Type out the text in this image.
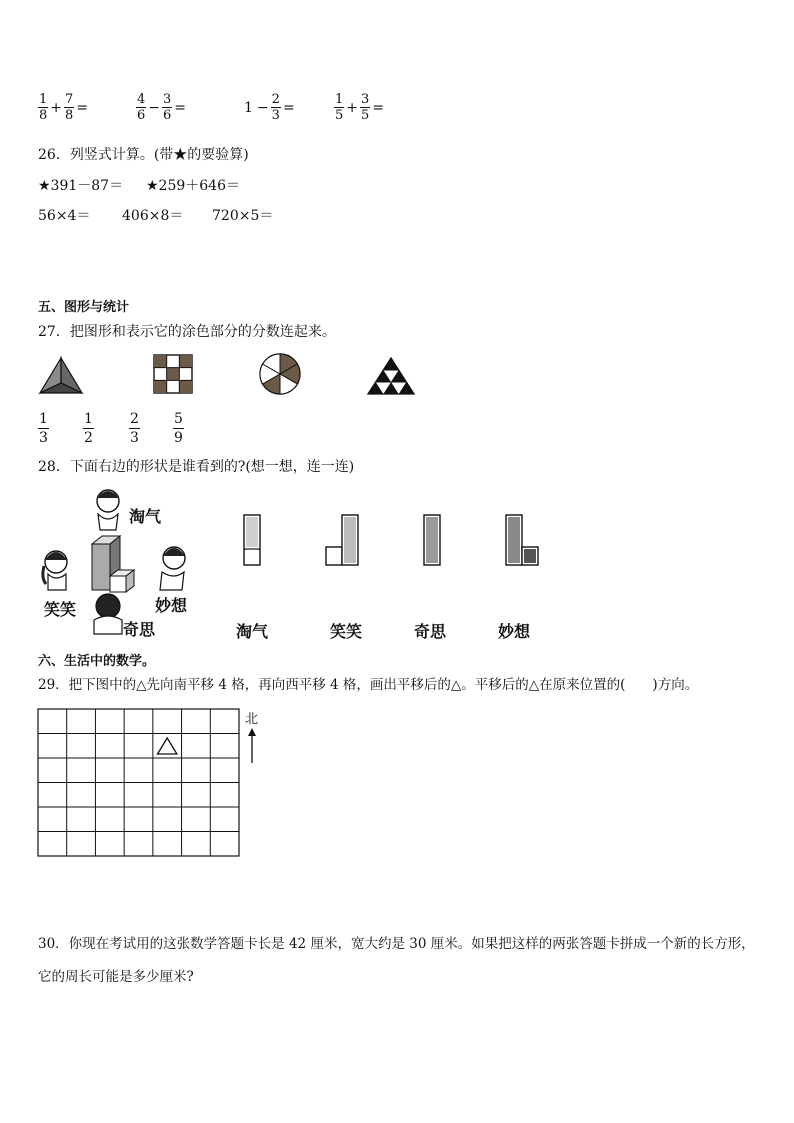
$\frac{1}{8} + \frac{7}{8}$ =	$\frac{4}{6} - \frac{3}{6}$ =	$1 - \frac{2}{3}$ =	$\frac{1}{5} + \frac{3}{5}$ =
26．列竖式计算。(带★的要验算)
★391－87＝ ★259＋646＝
56×4＝ 406×8＝ 720×5＝
五、图形与统计
27．把图形和表示它的涂色部分的分数连起来。
$\frac{1}{3} \frac{1}{2}$	$\frac{2}{3} \frac{5}{9}$
28．下面右边的形状是谁看到的?(想一想，连一连)
淘气
笑笑	妙想
奇思	淘气	笑笑	奇思	妙想
六、生活中的数学。
29．把下图中的△先向南平移 4 格，再向西平移 4 格，画出平移后的△。平移后的△在原来位置的(　　)方向。
北
30．你现在考试用的这张数学答题卡长是 42 厘米，宽大约是 30 厘米。如果把这样的两张答题卡拼成一个新的长方形，
它的周长可能是多少厘米?
